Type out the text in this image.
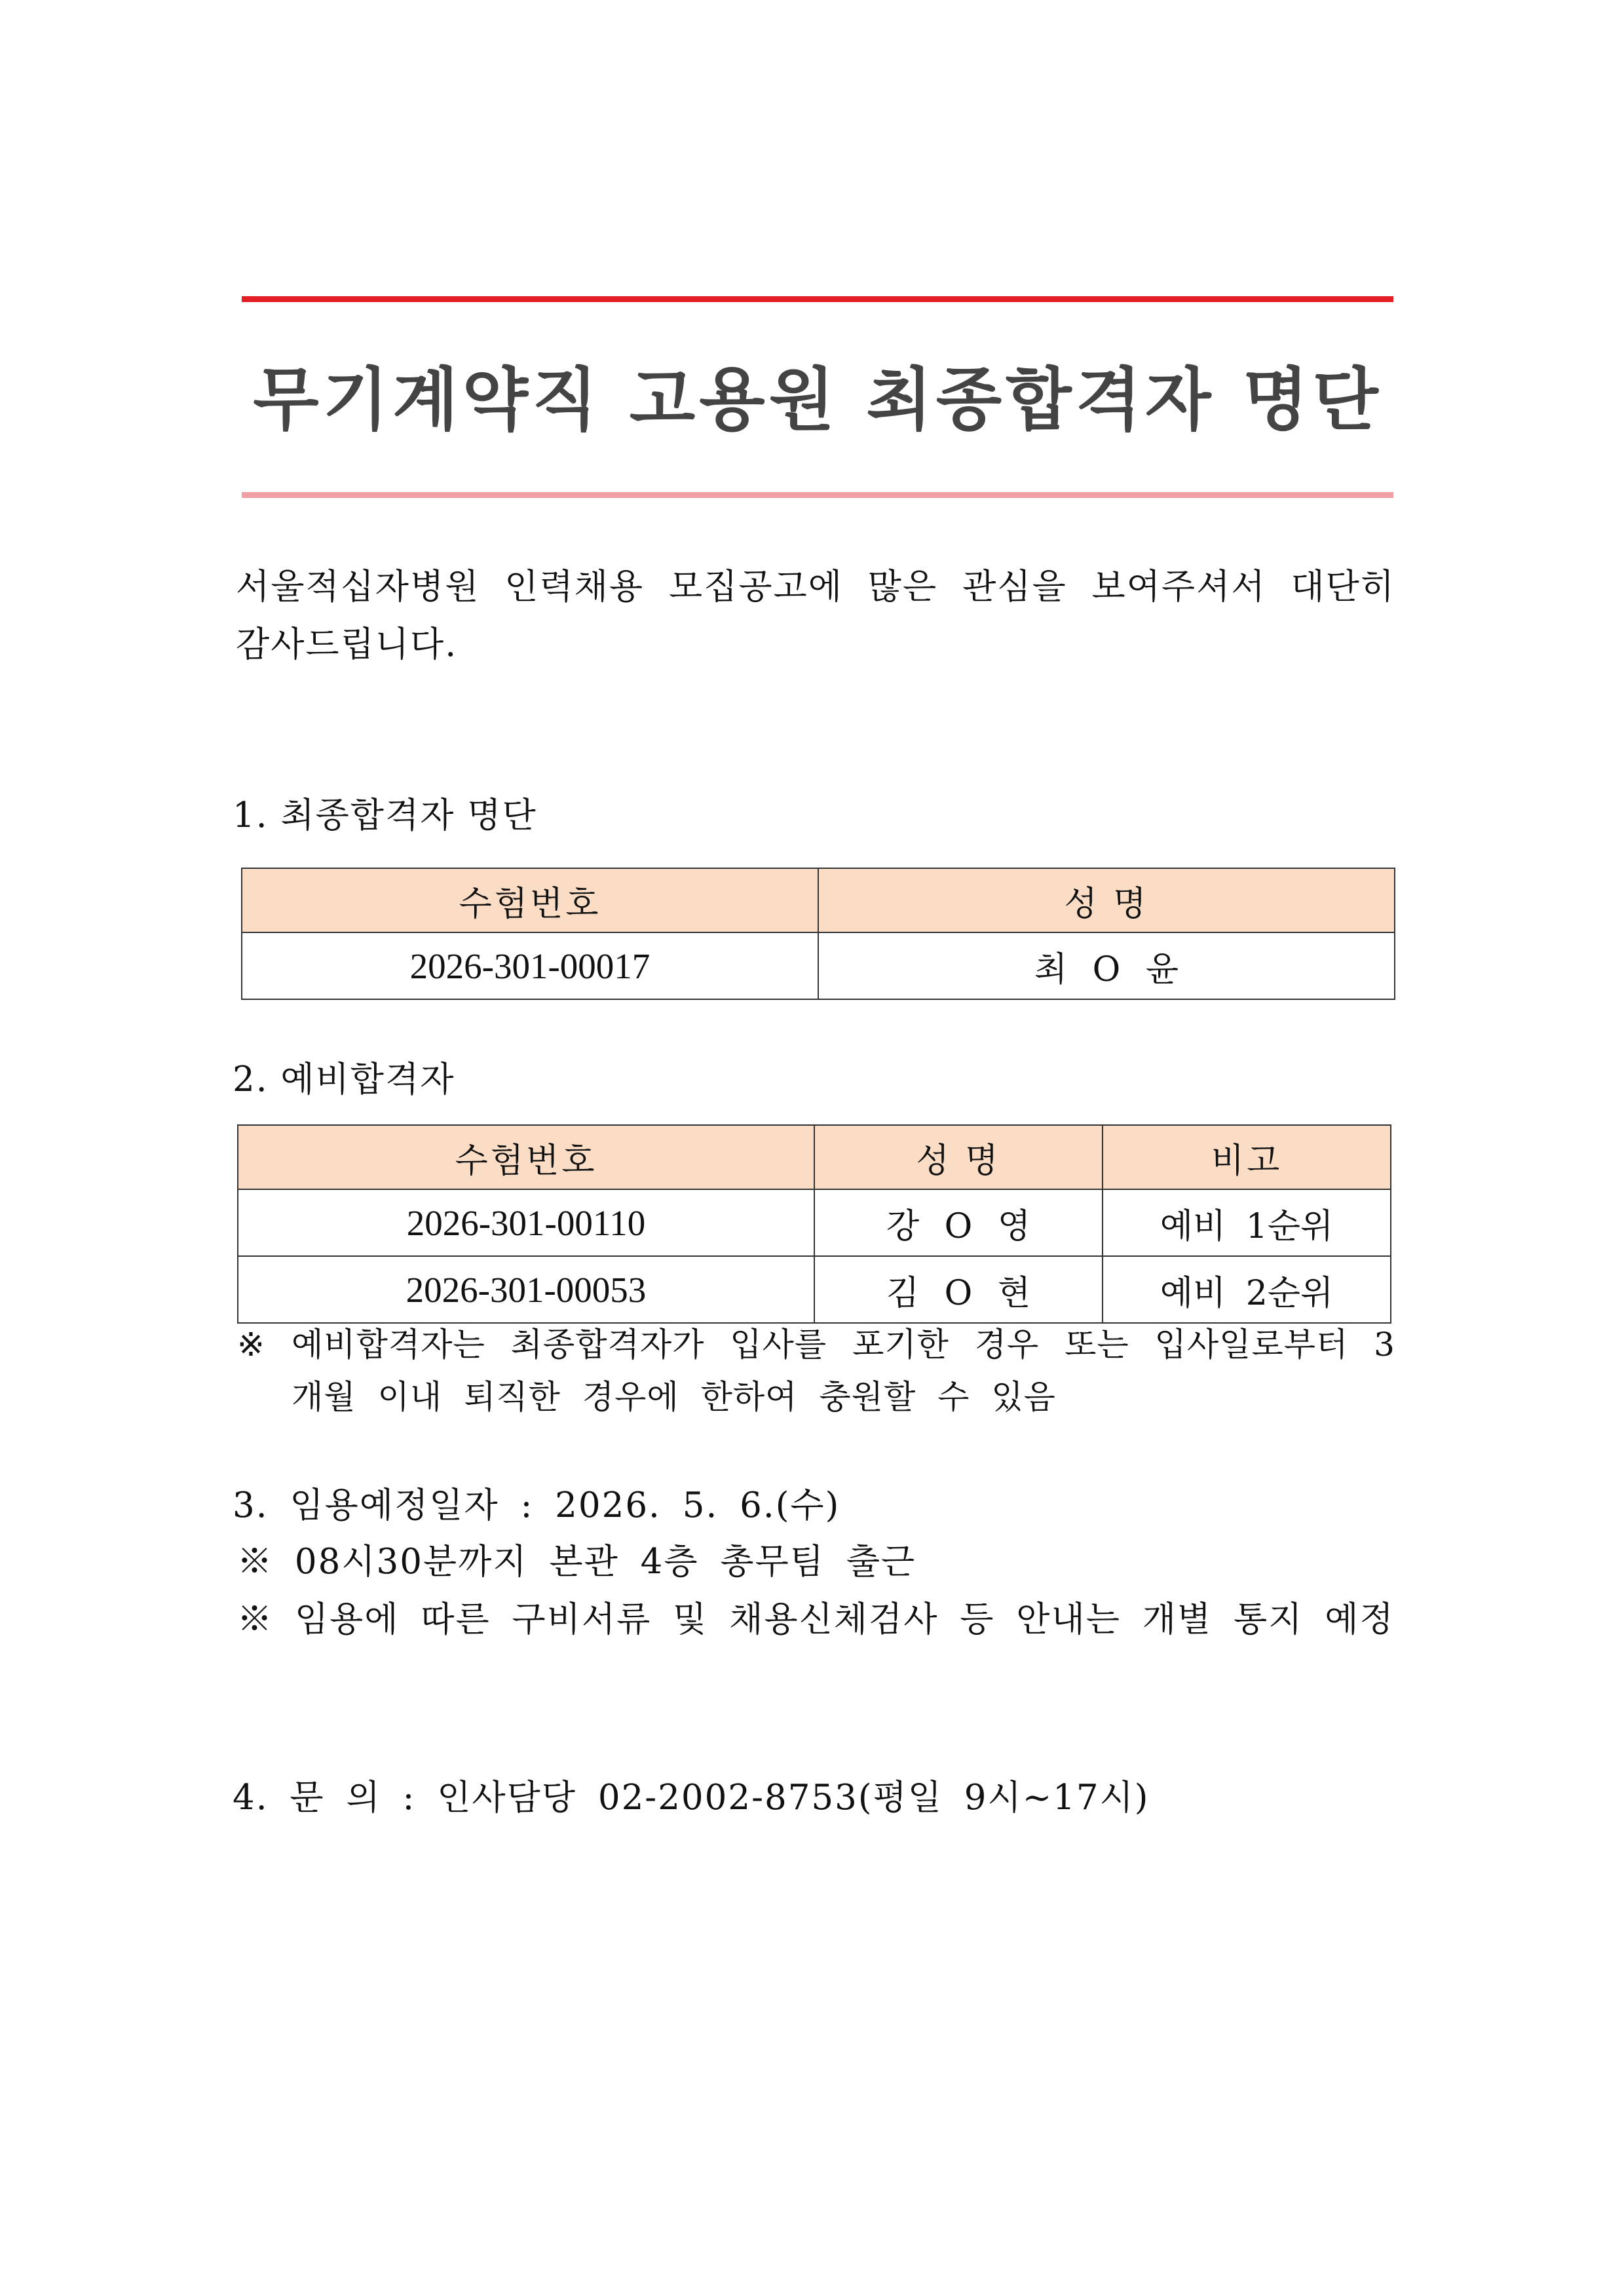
무기계약직 고용원 최종합격자 명단
서울적십자병원 인력채용 모집공고에 많은 관심을 보여주셔서 대단히 감사드립니다.
1. 최종합격자 명단
수험번호	성 명
2026-301-00017	최 O 윤
2. 예비합격자
수험번호	성 명	비고
2026-301-00110	강 O 영	예비 1순위
2026-301-00053	김 O 현	예비 2순위
※ 예비합격자는 최종합격자가 입사를 포기한 경우 또는 입사일로부터 3개월 이내 퇴직한 경우에 한하여 충원할 수 있음
3. 임용예정일자 : 2026. 5. 6.(수)
※ 08시30분까지 본관 4층 총무팀 출근
※ 임용에 따른 구비서류 및 채용신체검사 등 안내는 개별 통지 예정
4. 문 의 : 인사담당 02-2002-8753(평일 9시~17시)
